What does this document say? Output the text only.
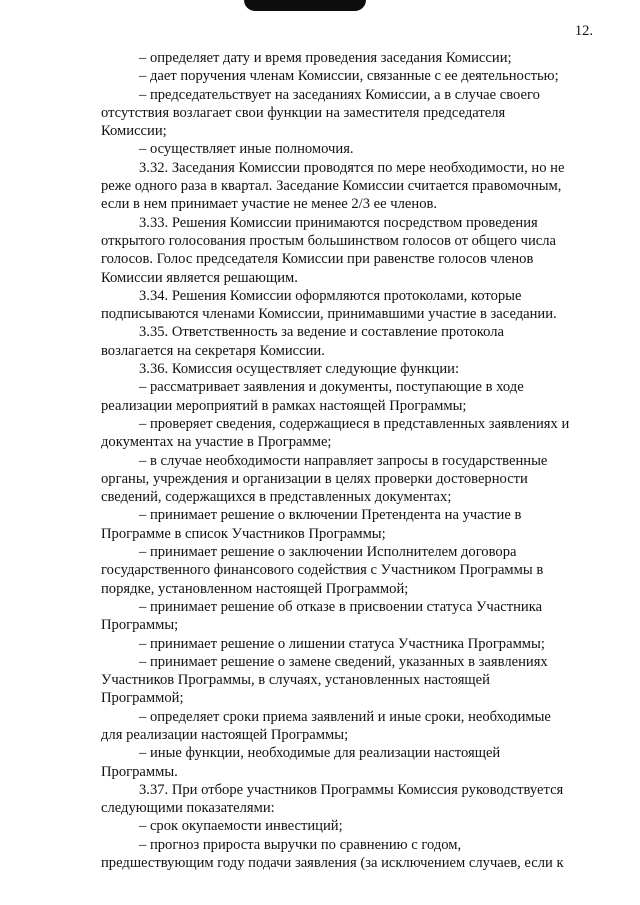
12.

– определяет дату и время проведения заседания Комиссии;

– дает поручения членам Комиссии, связанные с ее деятельностью;

– председательствует на заседаниях Комиссии, а в случае своего
отсутствия возлагает свои функции на заместителя председателя
Комиссии;

– осуществляет иные полномочия.

3.32. Заседания Комиссии проводятся по мере необходимости, но не
реже одного раза в квартал. Заседание Комиссии считается правомочным,
если в нем принимает участие не менее 2/3 ее членов.

3.33. Решения Комиссии принимаются посредством проведения
открытого голосования простым большинством голосов от общего числа
голосов. Голос председателя Комиссии при равенстве голосов членов
Комиссии является решающим.

3.34. Решения Комиссии оформляются протоколами, которые
подписываются членами Комиссии, принимавшими участие в заседании.

3.35. Ответственность за ведение и составление протокола
возлагается на секретаря Комиссии.

3.36. Комиссия осуществляет следующие функции:

– рассматривает заявления и документы, поступающие в ходе
реализации мероприятий в рамках настоящей Программы;

– проверяет сведения, содержащиеся в представленных заявлениях и
документах на участие в Программе;

– в случае необходимости направляет запросы в государственные
органы, учреждения и организации в целях проверки достоверности
сведений, содержащихся в представленных документах;

– принимает решение о включении Претендента на участие в
Программе в список Участников Программы;

– принимает решение о заключении Исполнителем договора
государственного финансового содействия с Участником Программы в
порядке, установленном настоящей Программой;

– принимает решение об отказе в присвоении статуса Участника
Программы;

– принимает решение о лишении статуса Участника Программы;

– принимает решение о замене сведений, указанных в заявлениях
Участников Программы, в случаях, установленных настоящей
Программой;

– определяет сроки приема заявлений и иные сроки, необходимые
для реализации настоящей Программы;

– иные функции, необходимые для реализации настоящей
Программы.

3.37. При отборе участников Программы Комиссия руководствуется
следующими показателями:

– срок окупаемости инвестиций;

– прогноз прироста выручки по сравнению с годом,
предшествующим году подачи заявления (за исключением случаев, если к
